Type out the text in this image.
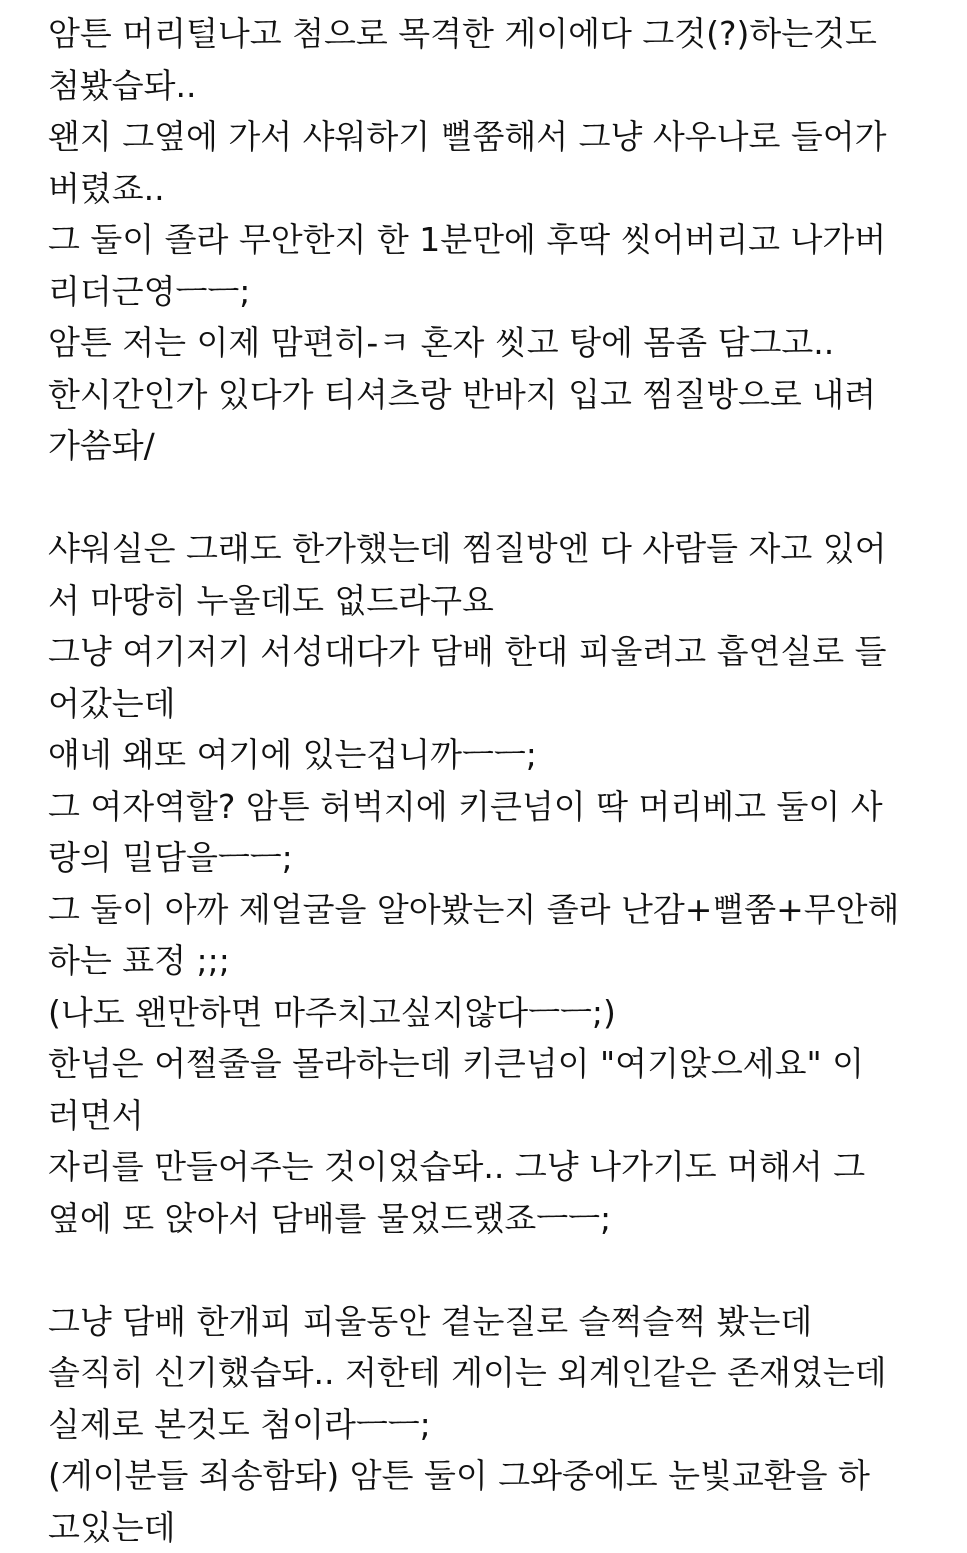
암튼 머리털나고 첨으로 목격한 게이에다 그것(?)하는것도
첨봤습돠..
왠지 그옆에 가서 샤워하기 뻘쭘해서 그냥 사우나로 들어가
버렸죠..
그 둘이 졸라 무안한지 한 1분만에 후딱 씻어버리고 나가버
리더근영ㅡㅡ;
암튼 저는 이제 맘편히-ㅋ 혼자 씻고 탕에 몸좀 담그고..
한시간인가 있다가 티셔츠랑 반바지 입고 찜질방으로 내려
가씀돠/
샤워실은 그래도 한가했는데 찜질방엔 다 사람들 자고 있어
서 마땅히 누울데도 없드라구요
그냥 여기저기 서성대다가 담배 한대 피울려고 흡연실로 들
어갔는데
얘네 왜또 여기에 있는겁니까ㅡㅡ;
그 여자역할? 암튼 허벅지에 키큰넘이 딱 머리베고 둘이 사
랑의 밀담을ㅡㅡ;
그 둘이 아까 제얼굴을 알아봤는지 졸라 난감+뻘쭘+무안해
하는 표정 ;;;
(나도 왠만하면 마주치고싶지않다ㅡㅡ;)
한넘은 어쩔줄을 몰라하는데 키큰넘이 "여기앉으세요" 이
러면서
자리를 만들어주는 것이었습돠.. 그냥 나가기도 머해서 그
옆에 또 앉아서 담배를 물었드랬죠ㅡㅡ;
그냥 담배 한개피 피울동안 곁눈질로 슬쩍슬쩍 봤는데
솔직히 신기했습돠.. 저한테 게이는 외계인같은 존재였는데
실제로 본것도 첨이라ㅡㅡ;
(게이분들 죄송함돠) 암튼 둘이 그와중에도 눈빛교환을 하
고있는데
